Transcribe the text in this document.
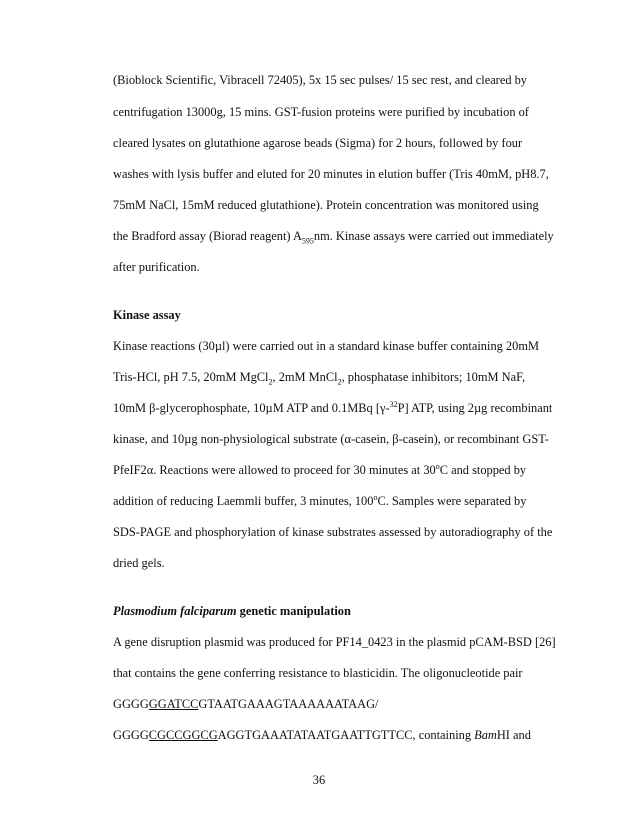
(Bioblock Scientific, Vibracell 72405), 5x 15 sec pulses/ 15 sec rest, and cleared by
centrifugation 13000g, 15 mins. GST-fusion proteins were purified by incubation of
cleared lysates on glutathione agarose beads (Sigma) for 2 hours, followed by four
washes with lysis buffer and eluted for 20 minutes in elution buffer (Tris 40mM, pH8.7,
75mM NaCl, 15mM reduced glutathione). Protein concentration was monitored using
the Bradford assay (Biorad reagent) $A_{595}nm$. Kinase assays were carried out immediately
after purification.
Kinase assay
Kinase reactions (30µl) were carried out in a standard kinase buffer containing 20mM
Tris-HCl, pH 7.5, 20mM MgCl$_2$, 2mM MnCl$_2$, phosphatase inhibitors; 10mM NaF,
10mM β-glycerophosphate, 10µM ATP and 0.1MBq [γ-$^{32}$P] ATP, using 2µg recombinant
kinase, and 10µg non-physiological substrate (α-casein, β-casein), or recombinant GST-
PfeIF2α. Reactions were allowed to proceed for 30 minutes at 30$^o$C and stopped by
addition of reducing Laemmli buffer, 3 minutes, 100$^o$C. Samples were separated by
SDS-PAGE and phosphorylation of kinase substrates assessed by autoradiography of the
dried gels.
Plasmodium falciparum genetic manipulation
A gene disruption plasmid was produced for PF14_0423 in the plasmid pCAM-BSD [26]
that contains the gene conferring resistance to blasticidin. The oligonucleotide pair
GGGGGGATCCGTAATGAAAGTAAAAAATAAG/
GGGGCGCCGGCGAGGTGAAATATAATGAATTGTTCC, containing BamHI and
36
